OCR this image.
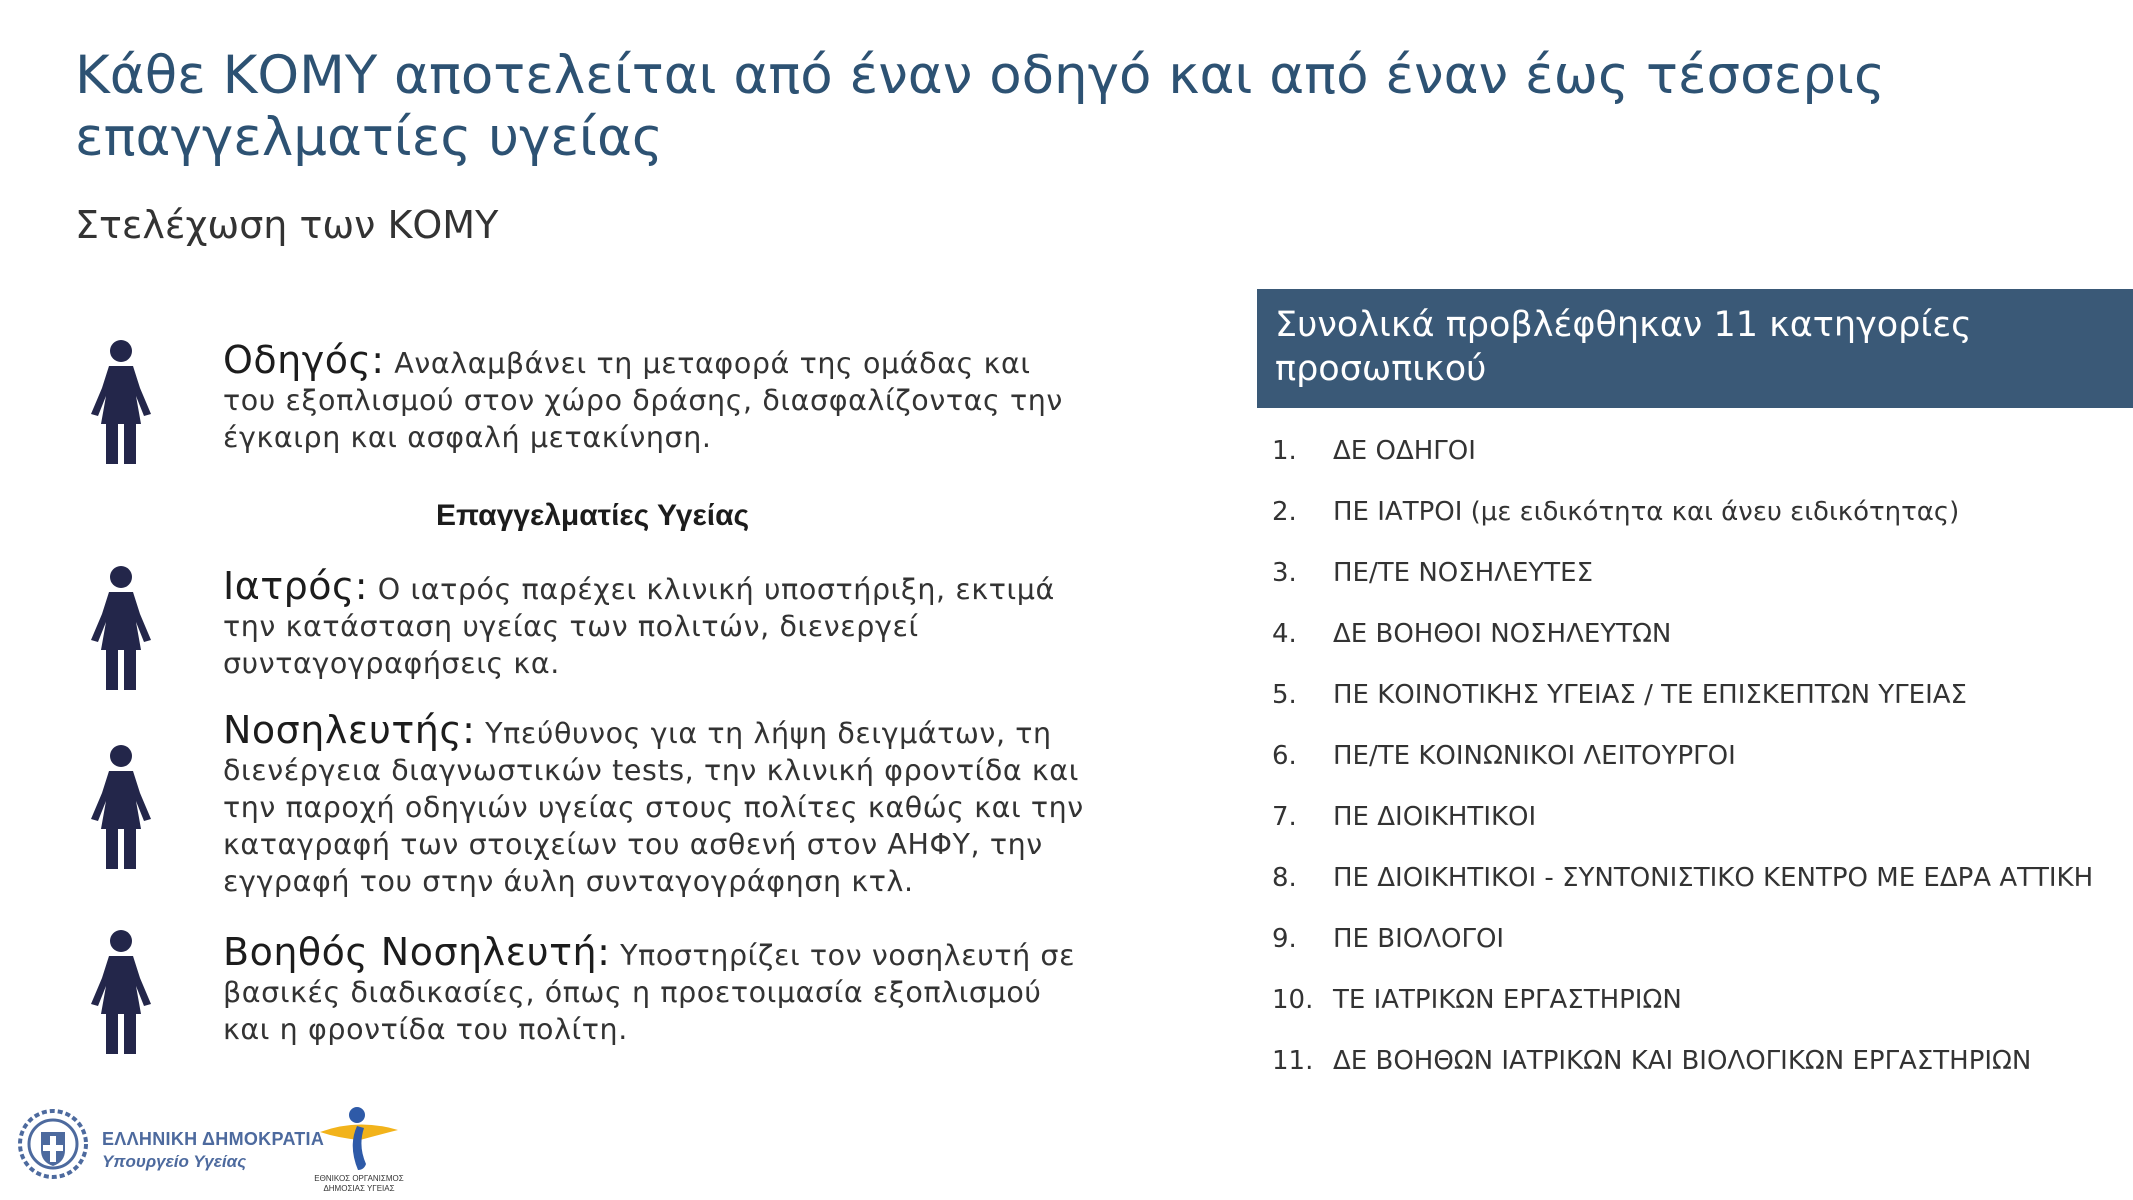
Κάθε ΚΟΜΥ αποτελείται από έναν οδηγό και από έναν έως τέσσερις επαγγελματίες υγείας
Στελέχωση των ΚΟΜΥ
Οδηγός: Αναλαμβάνει τη μεταφορά της ομάδας και του εξοπλισμού στον χώρο δράσης, διασφαλίζοντας την έγκαιρη και ασφαλή μετακίνηση.
Επαγγελματίες Υγείας
Ιατρός: Ο ιατρός παρέχει κλινική υποστήριξη, εκτιμά την κατάσταση υγείας των πολιτών, διενεργεί συνταγογραφήσεις κα.
Νοσηλευτής: Υπεύθυνος για τη λήψη δειγμάτων, τη διενέργεια διαγνωστικών tests, την κλινική φροντίδα και την παροχή οδηγιών υγείας στους πολίτες καθώς και την καταγραφή των στοιχείων του ασθενή στον ΑΗΦΥ, την εγγραφή του στην άυλη συνταγογράφηση κτλ.
Βοηθός Νοσηλευτή: Υποστηρίζει τον νοσηλευτή σε βασικές διαδικασίες, όπως η προετοιμασία εξοπλισμού και η φροντίδα του πολίτη.
Συνολικά προβλέφθηκαν 11 κατηγορίες προσωπικού
1.	ΔΕ ΟΔΗΓΟΙ
2.	ΠΕ ΙΑΤΡΟΙ (με ειδικότητα και άνευ ειδικότητας)
3.	ΠΕ/ΤΕ ΝΟΣΗΛΕΥΤΕΣ
4.	ΔΕ ΒΟΗΘΟΙ ΝΟΣΗΛΕΥΤΩΝ
5.	ΠΕ ΚΟΙΝΟΤΙΚΗΣ ΥΓΕΙΑΣ / ΤΕ ΕΠΙΣΚΕΠΤΩΝ ΥΓΕΙΑΣ
6.	ΠΕ/ΤΕ ΚΟΙΝΩΝΙΚΟΙ ΛΕΙΤΟΥΡΓΟΙ
7.	ΠΕ ΔΙΟΙΚΗΤΙΚΟΙ
8.	ΠΕ ΔΙΟΙΚΗΤΙΚΟΙ - ΣΥΝΤΟΝΙΣΤΙΚΟ ΚΕΝΤΡΟ ΜΕ ΕΔΡΑ ΑΤΤΙΚΗ
9.	ΠΕ ΒΙΟΛΟΓΟΙ
10. ΤΕ ΙΑΤΡΙΚΩΝ ΕΡΓΑΣΤΗΡΙΩΝ
11. ΔΕ ΒΟΗΘΩΝ ΙΑΤΡΙΚΩΝ ΚΑΙ ΒΙΟΛΟΓΙΚΩΝ ΕΡΓΑΣΤΗΡΙΩΝ
ΕΛΛΗΝΙΚΗ ΔΗΜΟΚΡΑΤΙΑ
Υπουργείο Υγείας
ΕΘΝΙΚΟΣ ΟΡΓΑΝΙΣΜΟΣ
ΔΗΜΟΣΙΑΣ ΥΓΕΙΑΣ
